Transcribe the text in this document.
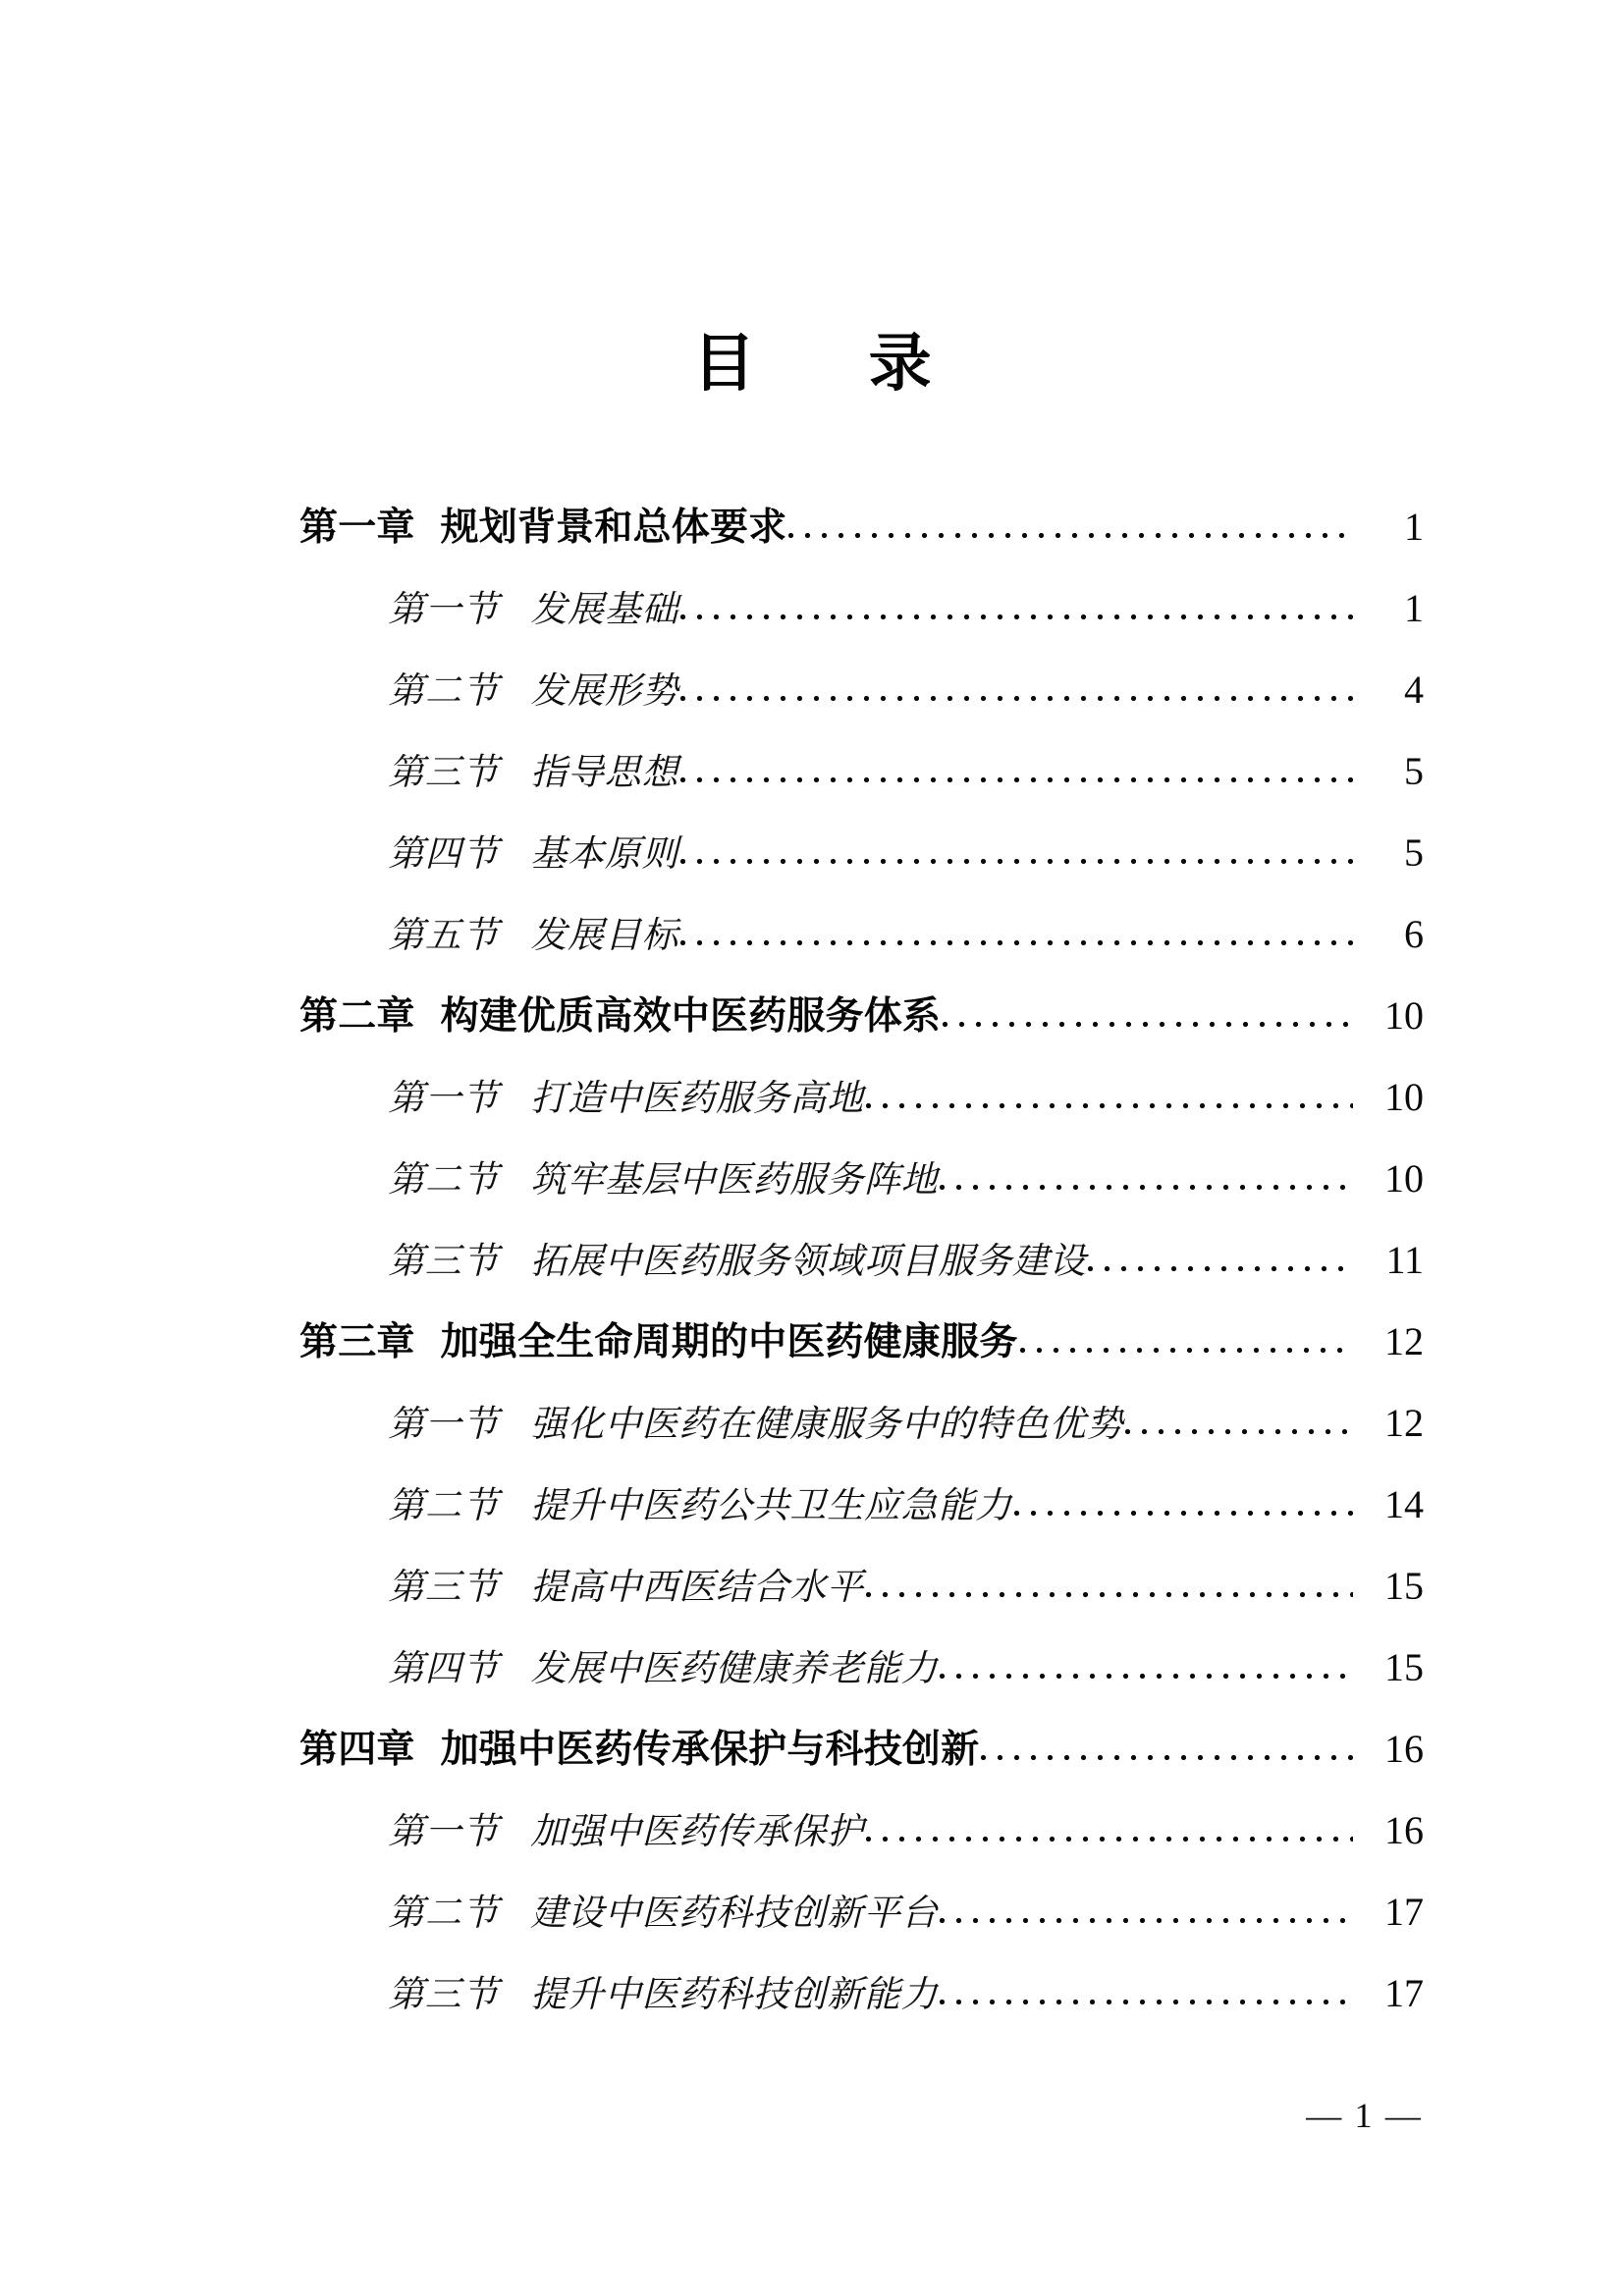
目　录
第一章 规划背景和总体要求	1
第一节 发展基础	1
第二节 发展形势	4
第三节 指导思想	5
第四节 基本原则	5
第五节 发展目标	6
第二章 构建优质高效中医药服务体系	10
第一节 打造中医药服务高地	10
第二节 筑牢基层中医药服务阵地	10
第三节 拓展中医药服务领域项目服务建设	11
第三章 加强全生命周期的中医药健康服务	12
第一节 强化中医药在健康服务中的特色优势	12
第二节 提升中医药公共卫生应急能力	14
第三节 提高中西医结合水平	15
第四节 发展中医药健康养老能力	15
第四章 加强中医药传承保护与科技创新	16
第一节 加强中医药传承保护	16
第二节 建设中医药科技创新平台	17
第三节 提升中医药科技创新能力	17
— 1 —
